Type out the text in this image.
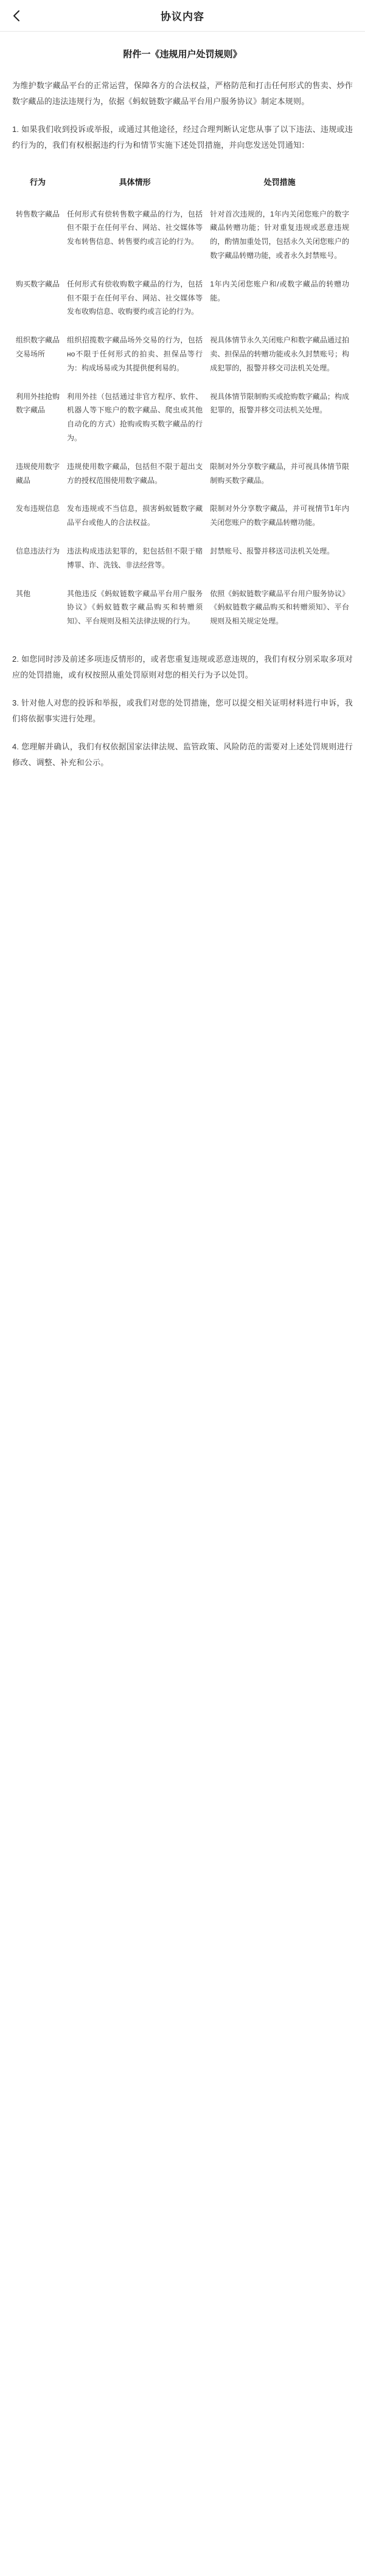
协议内容
附件一《违规用户处罚规则》

为维护数字藏品平台的正常运营，保障各方的合法权益，严格防范和打击任何形式的售卖、炒作数字藏品的违法违规行为，依据《蚂蚁链数字藏品平台用户服务协议》制定本规则。

1. 如果我们收到投诉或举报，或通过其他途径，经过合理判断认定您从事了以下违法、违规或违约行为的，我们有权根据违约行为和情节实施下述处罚措施，并向您发送处罚通知：

行为	具体情形	处罚措施
转售数字藏品	任何形式有偿转售数字藏品的行为，包括但不限于在任何平台、网站、社交媒体等发布转售信息、转售要约或言论的行为。	针对首次违规的，1年内关闭您账户的数字藏品转赠功能；针对重复违规或恶意违规的，酌情加重处罚，包括永久关闭您账户的数字藏品转赠功能，或者永久封禁账号。
购买数字藏品	任何形式有偿收购数字藏品的行为，包括但不限于在任何平台、网站、社交媒体等发布收购信息、收购要约或言论的行为。	1年内关闭您账户和/或数字藏品的转赠功能。
组织数字藏品交易场所	组织招揽数字藏品场外交易的行为，包括но不限于任何形式的拍卖、担保品等行为：构成场易或为其提供便利易的。	视具体情节永久关闭账户和数字藏品通过拍卖、担保品的转赠功能或永久封禁账号；构成犯罪的，报警并移交司法机关处理。
利用外挂抢购数字藏品	利用外挂（包括通过非官方程序、软件、机器人等下账户的数字藏品、爬虫或其他自动化的方式）抢购或购买数字藏品的行为。	视具体情节限制购买或抢购数字藏品；构成犯罪的，报警并移交司法机关处理。
违规使用数字藏品	违规使用数字藏品，包括但不限于超出支方的授权范围使用数字藏品。	限制对外分享数字藏品，并可视具体情节限制购买数字藏品。
发布违规信息	发布违规或不当信息，损害蚂蚁链数字藏品平台或他人的合法权益。	限制对外分享数字藏品，并可视情节1年内关闭您账户的数字藏品转赠功能。
信息违法行为	违法构成违法犯罪的，犯包括但不限于赌博罪、诈、洗钱、非法经营等。	封禁账号、报警并移送司法机关处理。
其他	其他违反《蚂蚁链数字藏品平台用户服务协议》《蚂蚁链数字藏品购买和转赠须知》、平台规则及相关法律法规的行为。	依照《蚂蚁链数字藏品平台用户服务协议》《蚂蚁链数字藏品购买和转赠须知》、平台规则及相关规定处理。

2. 如您同时涉及前述多项违反情形的，或者您重复违规或恶意违规的，我们有权分别采取多项对应的处罚措施，或有权按照从重处罚原则对您的相关行为予以处罚。

3. 针对他人对您的投诉和举报，或我们对您的处罚措施，您可以提交相关证明材料进行申诉，我们将依据事实进行处理。

4. 您理解并确认，我们有权依据国家法律法规、监管政策、风险防范的需要对上述处罚规则进行修改、调整、补充和公示。
